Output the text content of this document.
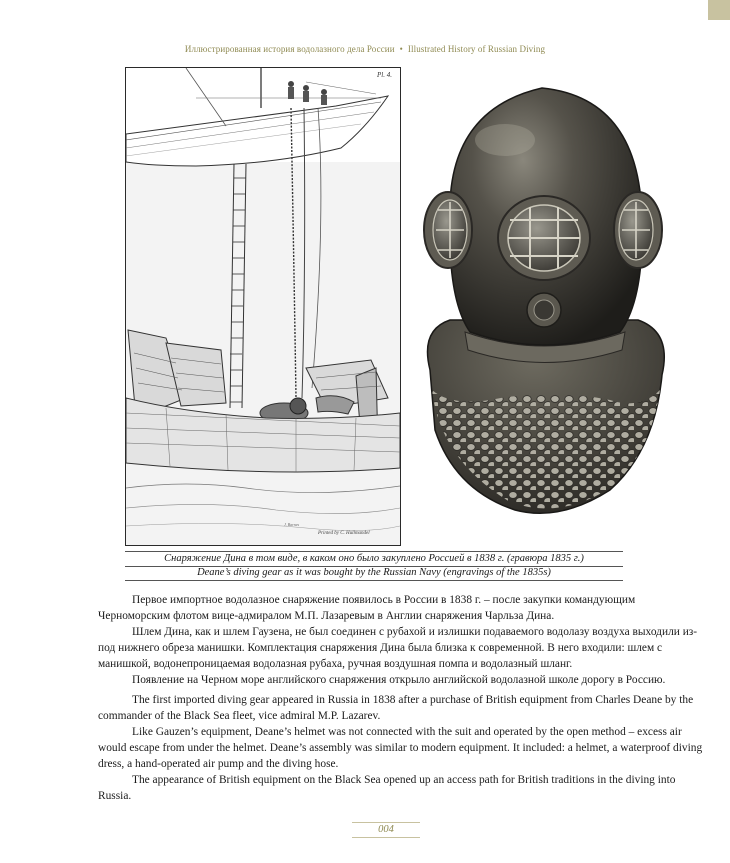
Иллюстрированная история водолазного дела России • Illustrated History of Russian Diving
Printed by C. Hullmandel
J. Barnes
Pl. 4.
Снаряжение Дина в том виде, в каком оно было закуплено Россией в 1838 г. (гравюра 1835 г.)
Deane’s diving gear as it was bought by the Russian Navy (engravings of the 1835s)

Первое импортное водолазное снаряжение появилось в России в 1838 г. – после закупки командующим Черноморским флотом вице-адмиралом М.П. Лазаревым в Англии снаряжения Чарльза Дина.

Шлем Дина, как и шлем Гаузена, не был соединен с рубахой и излишки подаваемого водолазу воздуха выходили из-под нижнего обреза манишки. Комплектация снаряжения Дина была близка к современной. В него входили: шлем с манишкой, водонепроницаемая водолазная рубаха, ручная воздушная помпа и водолазный шланг.

Появление на Черном море английского снаряжения открыло английской водолазной школе дорогу в Россию.

The first imported diving gear appeared in Russia in 1838 after a purchase of British equipment from Charles Deane by the commander of the Black Sea fleet, vice admiral M.P. Lazarev.

Like Gauzen’s equipment, Deane’s helmet was not connected with the suit and operated by the open method – excess air would escape from under the helmet. Deane’s assembly was similar to modern equipment. It included: a helmet, a waterproof diving dress, a hand-operated air pump and the diving hose.

The appearance of British equipment on the Black Sea opened up an access path for British traditions in the diving into Russia.

004
